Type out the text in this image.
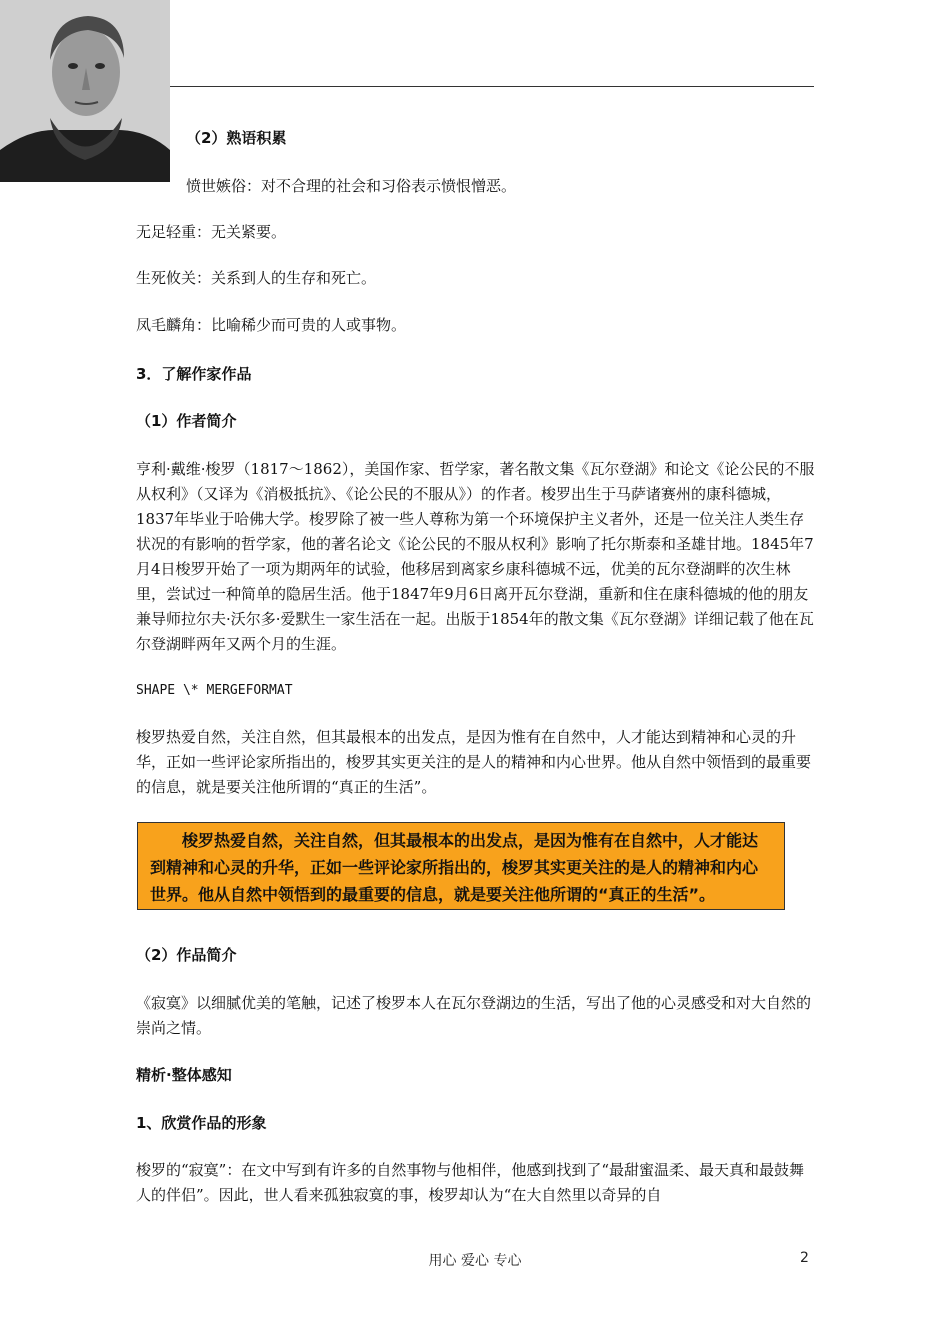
（2）熟语积累

愤世嫉俗：对不合理的社会和习俗表示愤恨憎恶。

无足轻重：无关紧要。

生死攸关：关系到人的生存和死亡。

凤毛麟角：比喻稀少而可贵的人或事物。

3．了解作家作品

（1）作者简介

亨利·戴维·梭罗（1817～1862），美国作家、哲学家，著名散文集《瓦尔登湖》和论文《论公民的不服从权利》（又译为《消极抵抗》、《论公民的不服从》）的作者。梭罗出生于马萨诸赛州的康科德城，1837年毕业于哈佛大学。梭罗除了被一些人尊称为第一个环境保护主义者外，还是一位关注人类生存状况的有影响的哲学家，他的著名论文《论公民的不服从权利》影响了托尔斯泰和圣雄甘地。1845年7月4日梭罗开始了一项为期两年的试验，他移居到离家乡康科德城不远，优美的瓦尔登湖畔的次生林里，尝试过一种简单的隐居生活。他于1847年9月6日离开瓦尔登湖，重新和住在康科德城的他的朋友兼导师拉尔夫·沃尔多·爱默生一家生活在一起。出版于1854年的散文集《瓦尔登湖》详细记载了他在瓦尔登湖畔两年又两个月的生涯。

SHAPE \* MERGEFORMAT

梭罗热爱自然，关注自然，但其最根本的出发点，是因为惟有在自然中，人才能达到精神和心灵的升华，正如一些评论家所指出的，梭罗其实更关注的是人的精神和内心世界。他从自然中领悟到的最重要的信息，就是要关注他所谓的“真正的生活”。

梭罗热爱自然，关注自然，但其最根本的出发点，是因为惟有在自然中，人才能达到精神和心灵的升华，正如一些评论家所指出的，梭罗其实更关注的是人的精神和内心世界。他从自然中领悟到的最重要的信息，就是要关注他所谓的“真正的生活”。

（2）作品简介

《寂寞》以细腻优美的笔触，记述了梭罗本人在瓦尔登湖边的生活，写出了他的心灵感受和对大自然的崇尚之情。

精析·整体感知

1、欣赏作品的形象

梭罗的“寂寞”：在文中写到有许多的自然事物与他相伴，他感到找到了“最甜蜜温柔、最天真和最鼓舞人的伴侣”。因此，世人看来孤独寂寞的事，梭罗却认为“在大自然里以奇异的自

用心 爱心 专心	2
